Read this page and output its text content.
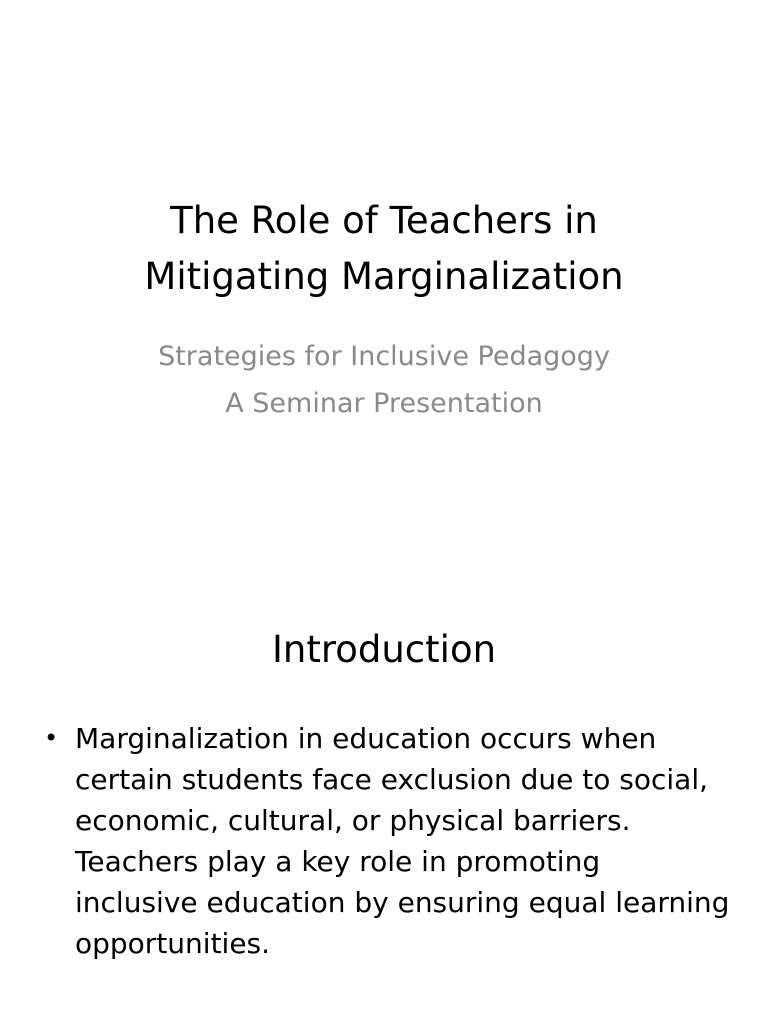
The Role of Teachers in
Mitigating Marginalization

Strategies for Inclusive Pedagogy
A Seminar Presentation

Introduction
• Marginalization in education occurs when certain students face exclusion due to social, economic, cultural, or physical barriers. Teachers play a key role in promoting inclusive education by ensuring equal learning opportunities.
